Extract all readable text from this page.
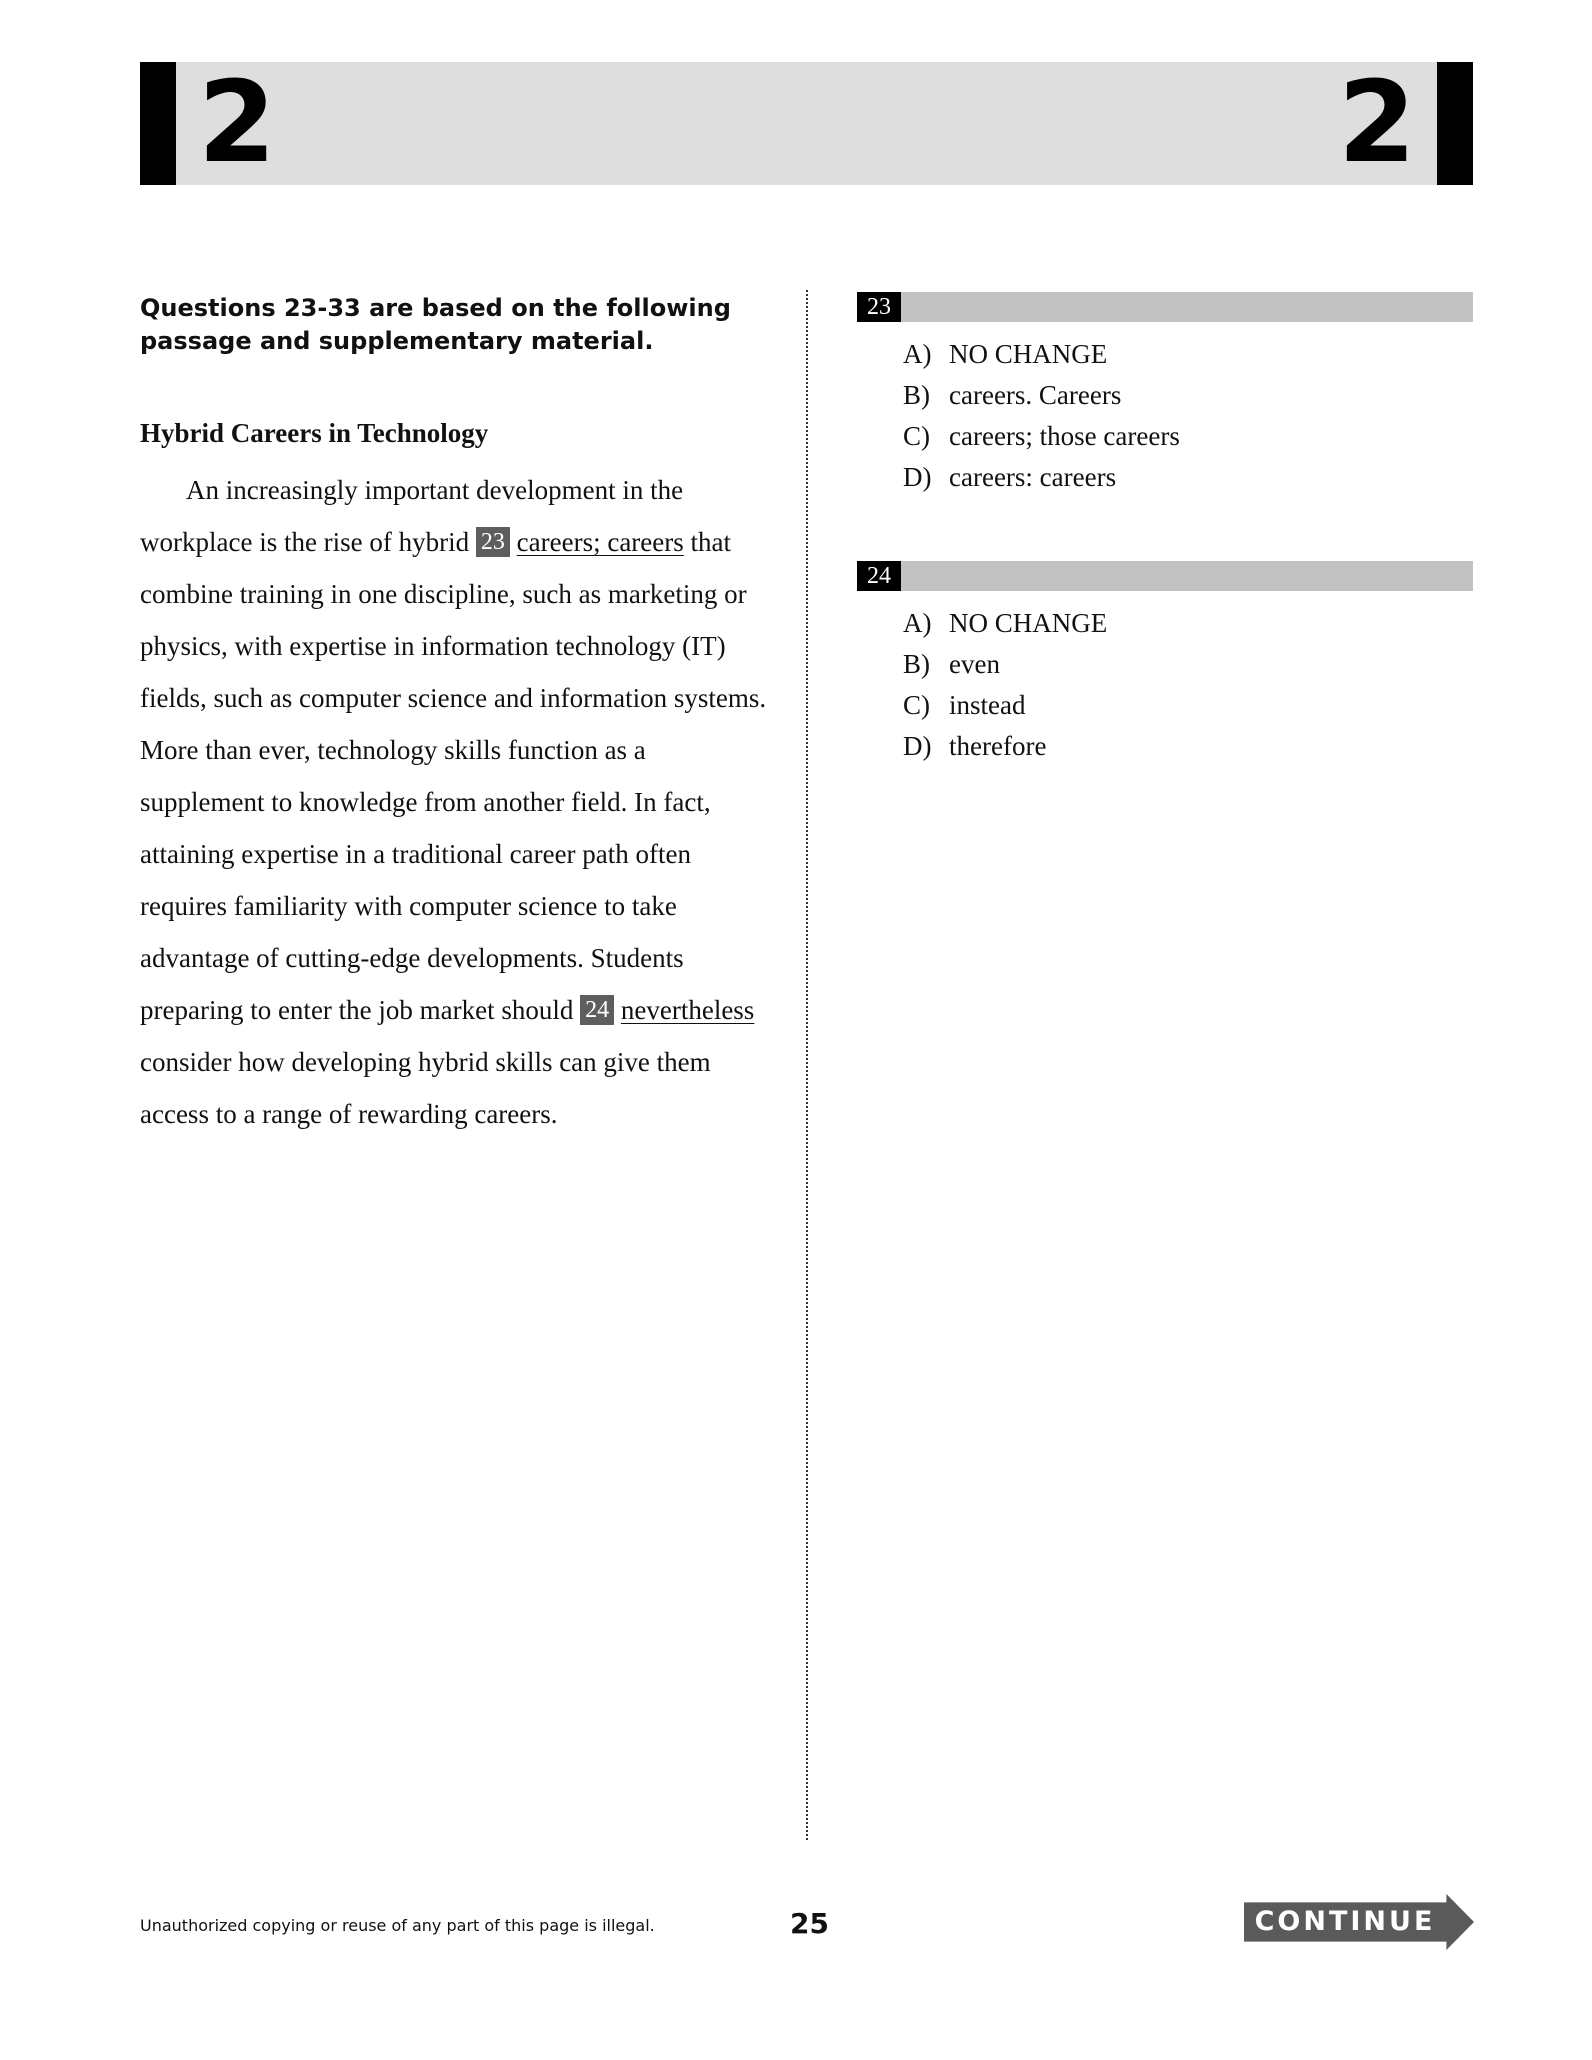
2	2
Questions 23-33 are based on the following passage and supplementary material.
Hybrid Careers in Technology
An increasingly important development in the
workplace is the rise of hybrid 23 careers; careers that
combine training in one discipline, such as marketing or
physics, with expertise in information technology (IT)
fields, such as computer science and information systems.
More than ever, technology skills function as a
supplement to knowledge from another field. In fact,
attaining expertise in a traditional career path often
requires familiarity with computer science to take
advantage of cutting-edge developments. Students
preparing to enter the job market should 24 nevertheless
consider how developing hybrid skills can give them
access to a range of rewarding careers.
23
A) NO CHANGE
B) careers. Careers
C) careers; those careers
D) careers: careers
24
A) NO CHANGE
B) even
C) instead
D) therefore
Unauthorized copying or reuse of any part of this page is illegal.	25	CONTINUE
